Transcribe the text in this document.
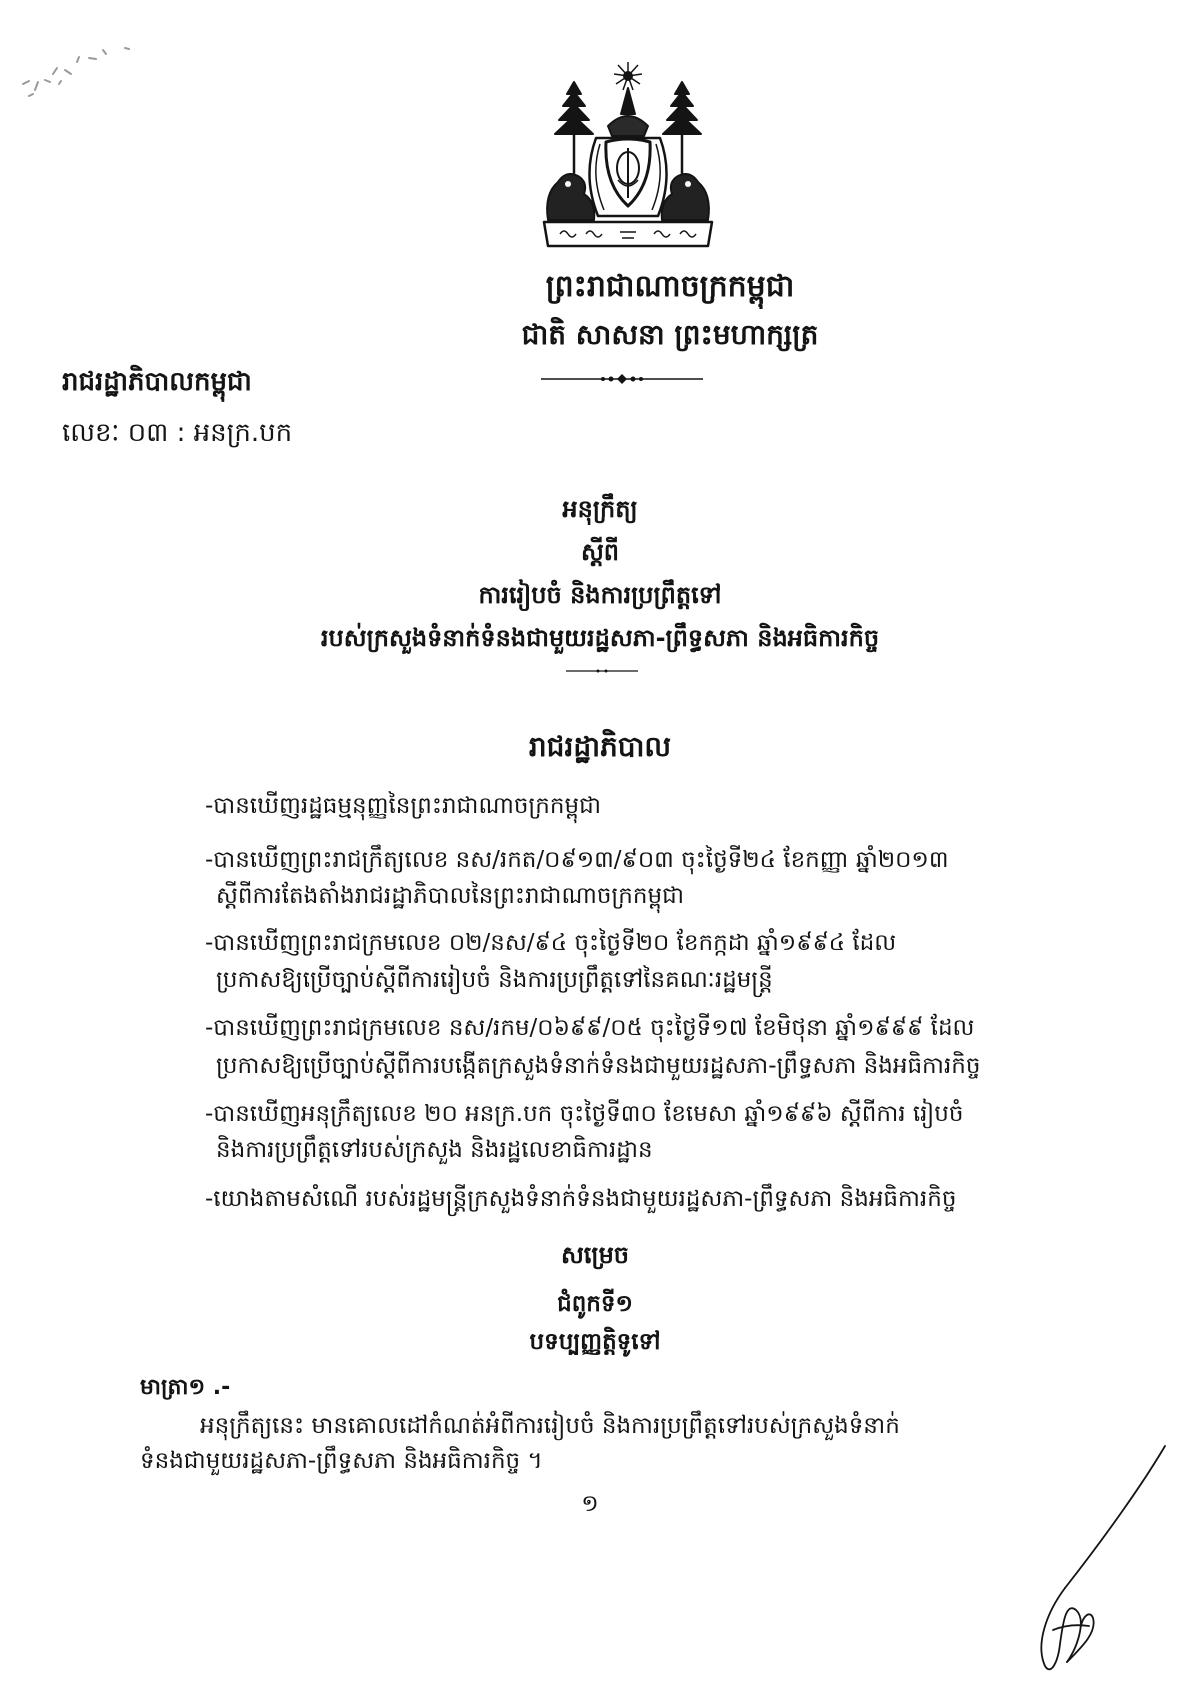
ព្រះរាជាណាចក្រកម្ពុជា
ជាតិ សាសនា ព្រះមហាក្សត្រ
រាជរដ្ឋាភិបាលកម្ពុជា
លេខៈ ០៣ : អនក្រ.បក
អនុក្រឹត្យ
ស្តីពី
ការរៀបចំ និងការប្រព្រឹត្តទៅ
របស់ក្រសួងទំនាក់ទំនងជាមួយរដ្ឋសភា-ព្រឹទ្ធសភា និងអធិការកិច្ច
រាជរដ្ឋាភិបាល
-បានឃើញរដ្ឋធម្មនុញ្ញនៃព្រះរាជាណាចក្រកម្ពុជា
-បានឃើញព្រះរាជក្រឹត្យលេខ នស/រកត/០៩១៣/៩០៣ ចុះថ្ងៃទី២៤ ខែកញ្ញា ឆ្នាំ២០១៣
ស្តីពីការតែងតាំងរាជរដ្ឋាភិបាលនៃព្រះរាជាណាចក្រកម្ពុជា
-បានឃើញព្រះរាជក្រមលេខ ០២/នស/៩៤ ចុះថ្ងៃទី២០ ខែកក្កដា ឆ្នាំ១៩៩៤ ដែល
ប្រកាសឱ្យប្រើច្បាប់ស្តីពីការរៀបចំ និងការប្រព្រឹត្តទៅនៃគណៈរដ្ឋមន្ត្រី
-បានឃើញព្រះរាជក្រមលេខ នស/រកម/០៦៩៩/០៥ ចុះថ្ងៃទី១៧ ខែមិថុនា ឆ្នាំ១៩៩៩ ដែល
ប្រកាសឱ្យប្រើច្បាប់ស្តីពីការបង្កើតក្រសួងទំនាក់ទំនងជាមួយរដ្ឋសភា-ព្រឹទ្ធសភា និងអធិការកិច្ច
-បានឃើញអនុក្រឹត្យលេខ ២០ អនក្រ.បក ចុះថ្ងៃទី៣០ ខែមេសា ឆ្នាំ១៩៩៦ ស្តីពីការ រៀបចំ
និងការប្រព្រឹត្តទៅរបស់ក្រសួង និងរដ្ឋលេខាធិការដ្ឋាន
-យោងតាមសំណើ របស់រដ្ឋមន្ត្រីក្រសួងទំនាក់ទំនងជាមួយរដ្ឋសភា-ព្រឹទ្ធសភា និងអធិការកិច្ច
សម្រេច
ជំពូកទី១
បទប្បញ្ញត្តិទូទៅ
មាត្រា១ .-
អនុក្រឹត្យនេះ មានគោលដៅកំណត់អំពីការរៀបចំ និងការប្រព្រឹត្តទៅរបស់ក្រសួងទំនាក់
ទំនងជាមួយរដ្ឋសភា-ព្រឹទ្ធសភា និងអធិការកិច្ច ។
១
